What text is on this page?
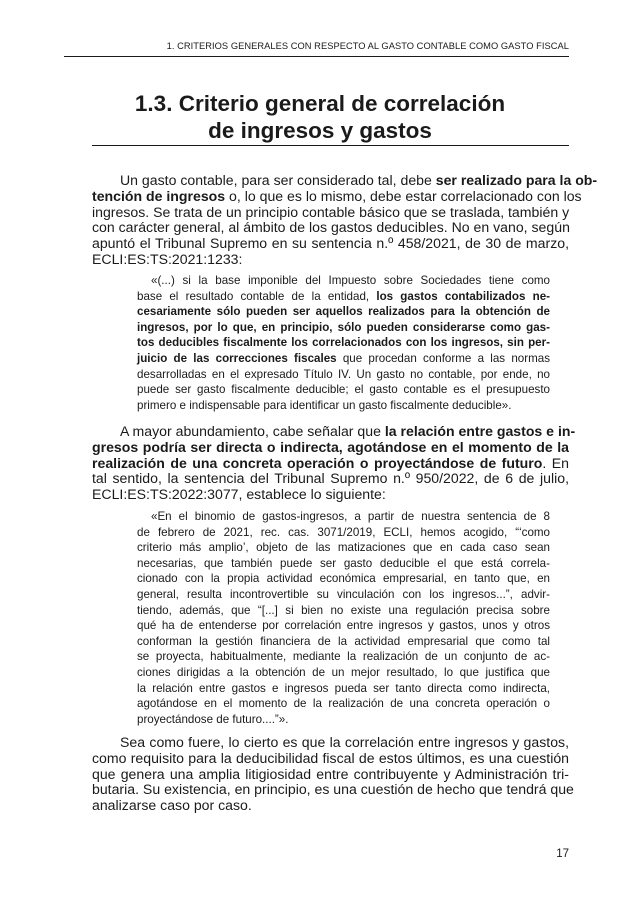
1. CRITERIOS GENERALES CON RESPECTO AL GASTO CONTABLE COMO GASTO FISCAL
1.3. Criterio general de correlación
de ingresos y gastos
Un gasto contable, para ser considerado tal, debe ser realizado para la ob-
tención de ingresos o, lo que es lo mismo, debe estar correlacionado con los
ingresos. Se trata de un principio contable básico que se traslada, también y
con carácter general, al ámbito de los gastos deducibles. No en vano, según
apuntó el Tribunal Supremo en su sentencia n.º 458/2021, de 30 de marzo,
ECLI:ES:TS:2021:1233:
«(...) si la base imponible del Impuesto sobre Sociedades tiene como
base el resultado contable de la entidad, los gastos contabilizados ne-
cesariamente sólo pueden ser aquellos realizados para la obtención de
ingresos, por lo que, en principio, sólo pueden considerarse como gas-
tos deducibles fiscalmente los correlacionados con los ingresos, sin per-
juicio de las correcciones fiscales que procedan conforme a las normas
desarrolladas en el expresado Título IV. Un gasto no contable, por ende, no
puede ser gasto fiscalmente deducible; el gasto contable es el presupuesto
primero e indispensable para identificar un gasto fiscalmente deducible».
A mayor abundamiento, cabe señalar que la relación entre gastos e in-
gresos podría ser directa o indirecta, agotándose en el momento de la
realización de una concreta operación o proyectándose de futuro. En
tal sentido, la sentencia del Tribunal Supremo n.º 950/2022, de 6 de julio,
ECLI:ES:TS:2022:3077, establece lo siguiente:
«En el binomio de gastos-ingresos, a partir de nuestra sentencia de 8
de febrero de 2021, rec. cas. 3071/2019, ECLI, hemos acogido, “‘como
criterio más amplio’, objeto de las matizaciones que en cada caso sean
necesarias, que también puede ser gasto deducible el que está correla-
cionado con la propia actividad económica empresarial, en tanto que, en
general, resulta incontrovertible su vinculación con los ingresos...”, advir-
tiendo, además, que “[...] si bien no existe una regulación precisa sobre
qué ha de entenderse por correlación entre ingresos y gastos, unos y otros
conforman la gestión financiera de la actividad empresarial que como tal
se proyecta, habitualmente, mediante la realización de un conjunto de ac-
ciones dirigidas a la obtención de un mejor resultado, lo que justifica que
la relación entre gastos e ingresos pueda ser tanto directa como indirecta,
agotándose en el momento de la realización de una concreta operación o
proyectándose de futuro....”».
Sea como fuere, lo cierto es que la correlación entre ingresos y gastos,
como requisito para la deducibilidad fiscal de estos últimos, es una cuestión
que genera una amplia litigiosidad entre contribuyente y Administración tri-
butaria. Su existencia, en principio, es una cuestión de hecho que tendrá que
analizarse caso por caso.
17
